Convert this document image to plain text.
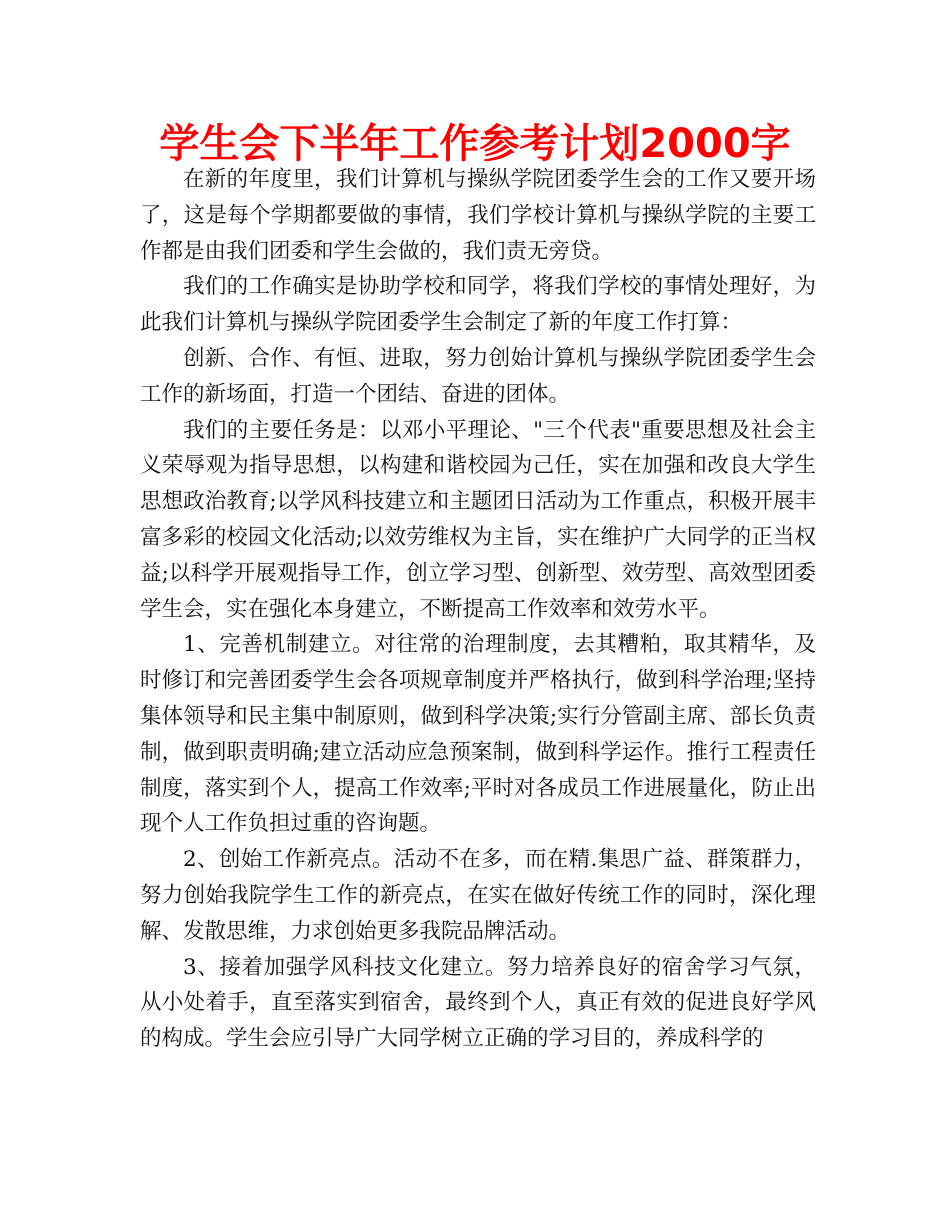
学生会下半年工作参考计划2000字

在新的年度里，我们计算机与操纵学院团委学生会的工作又要开场了，这是每个学期都要做的事情，我们学校计算机与操纵学院的主要工作都是由我们团委和学生会做的，我们责无旁贷。

我们的工作确实是协助学校和同学，将我们学校的事情处理好，为此我们计算机与操纵学院团委学生会制定了新的年度工作打算：

创新、合作、有恒、进取，努力创始计算机与操纵学院团委学生会工作的新场面，打造一个团结、奋进的团体。

我们的主要任务是：以邓小平理论、"三个代表"重要思想及社会主义荣辱观为指导思想，以构建和谐校园为己任，实在加强和改良大学生思想政治教育;以学风科技建立和主题团日活动为工作重点，积极开展丰富多彩的校园文化活动;以效劳维权为主旨，实在维护广大同学的正当权益;以科学开展观指导工作，创立学习型、创新型、效劳型、高效型团委学生会，实在强化本身建立，不断提高工作效率和效劳水平。

1、完善机制建立。对往常的治理制度，去其糟粕，取其精华，及时修订和完善团委学生会各项规章制度并严格执行，做到科学治理;坚持集体领导和民主集中制原则，做到科学决策;实行分管副主席、部长负责制，做到职责明确;建立活动应急预案制，做到科学运作。推行工程责任制度，落实到个人，提高工作效率;平时对各成员工作进展量化，防止出现个人工作负担过重的咨询题。

2、创始工作新亮点。活动不在多，而在精.集思广益、群策群力，努力创始我院学生工作的新亮点，在实在做好传统工作的同时，深化理解、发散思维，力求创始更多我院品牌活动。

3、接着加强学风科技文化建立。努力培养良好的宿舍学习气氛，从小处着手，直至落实到宿舍，最终到个人，真正有效的促进良好学风的构成。学生会应引导广大同学树立正确的学习目的，养成科学的
